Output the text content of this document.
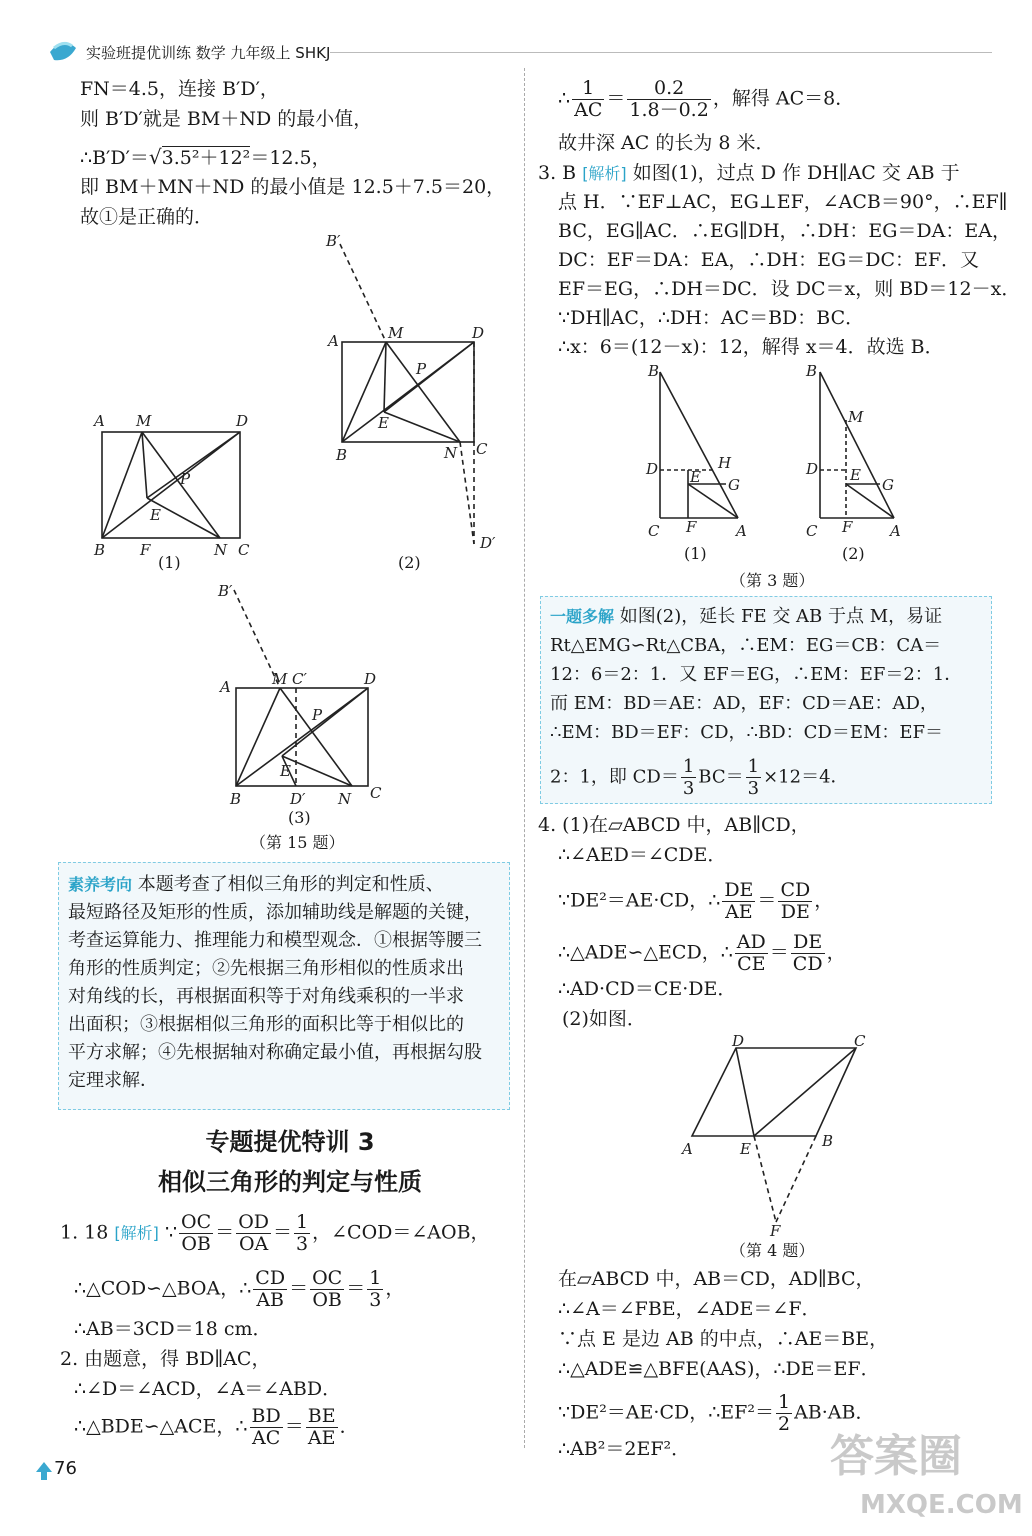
实验班提优训练 数学 九年级上 SHKJ
FN＝4.5，连接 B′D′，
则 B′D′就是 BM＋ND 的最小值，
∴B′D′＝√3.5²＋12²＝12.5，
即 BM＋MN＋ND 的最小值是 12.5＋7.5＝20，
故①是正确的．
A M	D
P
E
B F	N C
(1)
B′
A	M	D
P
E
B	N C
D′
(2)
B′
A	M C′	D
P
E
B	D′ N C
(3)
（第 15 题）
素养考向 本题考查了相似三角形的判定和性质、
最短路径及矩形的性质，添加辅助线是解题的关键，
考查运算能力、推理能力和模型观念．①根据等腰三
角形的性质判定；②先根据三角形相似的性质求出
对角线的长，再根据面积等于对角线乘积的一半求
出面积；③根据相似三角形的面积比等于相似比的
平方求解；④先根据轴对称确定最小值，再根据勾股
定理求解．
专题提优特训 3
相似三角形的判定与性质
1. 18 [解析] ∵ $\frac{OC}{OB} = \frac{OD}{OA} = \frac{1}{3}$ ，∠COD＝∠AOB，
∴△COD∽△BOA，∴ $\frac{CD}{AB} = \frac{OC}{OB} = \frac{1}{3}$ ，
∴AB＝3CD＝18 cm．
2. 由题意，得 BD∥AC，
∴∠D＝∠ACD，∠A＝∠ABD．
∴△BDE∽△ACE，∴ $\frac{BD}{AC} = \frac{BE}{AE}$ ．
76
∴ $\frac{1}{AC} = \frac{0.2}{1.8-0.2}$ ，解得 AC＝8．
故井深 AC 的长为 8 米．
3. B [解析] 如图(1)，过点 D 作 DH∥AC 交 AB 于
点 H．∵EF⊥AC，EG⊥EF，∠ACB＝90°，∴EF∥
BC，EG∥AC．∴EG∥DH，∴DH：EG＝DA：EA，
DC：EF＝DA：EA，∴DH：EG＝DC：EF．又
EF＝EG，∴DH＝DC．设 DC＝x，则 BD＝12－x．
∵DH∥AC，∴DH：AC＝BD：BC．
∴x：6＝(12－x)：12，解得 x＝4．故选 B．
B
D	H
E G
C F	A
(1)
B
M
D E
G
C F	A
(2)
（第 3 题）
一题多解 如图(2)，延长 FE 交 AB 于点 M，易证
Rt△EMG∽Rt△CBA，∴EM：EG＝CB：CA＝
12：6＝2：1．又 EF＝EG，∴EM：EF＝2：1．
而 EM：BD＝AE：AD，EF：CD＝AE：AD，
∴EM：BD＝EF：CD，∴BD：CD＝EM：EF＝
2：1，即 $CD= \frac{1}{3} BC= \frac{1}{3} \times 12=4$．
4. (1)在▱ABCD 中，AB∥CD，
∴∠AED＝∠CDE．
∵DE²＝AE·CD，∴ $\frac{DE}{AE} = \frac{CD}{DE}$ ，
∴△ADE∽△ECD，∴ $\frac{AD}{CE} = \frac{DE}{CD}$ ，
∴AD·CD＝CE·DE．
(2)如图．
D	C
A	E	B
F
（第 4 题）
在▱ABCD 中，AB＝CD，AD∥BC，
∴∠A＝∠FBE，∠ADE＝∠F．
∵点 E 是边 AB 的中点，∴AE＝BE，
∴△ADE≌△BFE(AAS)，∴DE＝EF．
∵DE²＝AE·CD，∴EF²＝ $\frac{1}{2} AB\cdot AB$．
∴AB²＝2EF²．	答案圈
MXQE.COM
